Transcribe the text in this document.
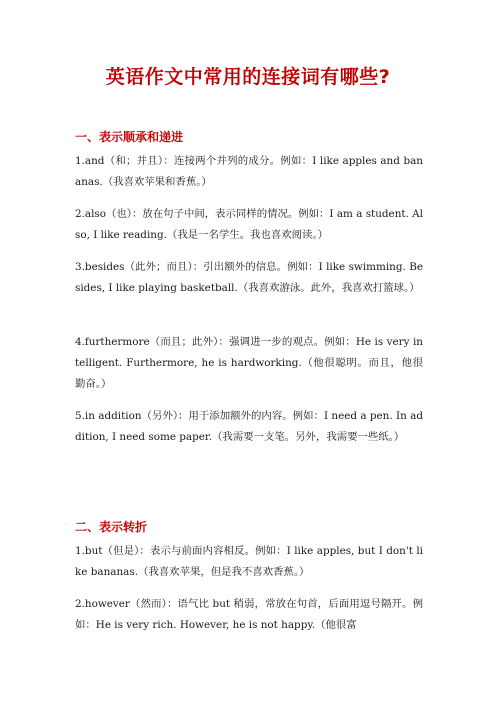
英语作文中常用的连接词有哪些?
一、表示顺承和递进
1.and（和；并且）：连接两个并列的成分。例如：I like apples and bananas.（我喜欢苹果和香蕉。）
2.also（也）：放在句子中间，表示同样的情况。例如：I am a student. Also, I like reading.（我是一名学生。我也喜欢阅读。）
3.besides（此外；而且）：引出额外的信息。例如：I like swimming. Besides, I like playing basketball.（我喜欢游泳。此外，我喜欢打篮球。）
4.furthermore（而且；此外）：强调进一步的观点。例如：He is very intelligent. Furthermore, he is hardworking.（他很聪明。而且，他很勤奋。）
5.in addition（另外）：用于添加额外的内容。例如：I need a pen. In addition, I need some paper.（我需要一支笔。另外，我需要一些纸。）
二、表示转折
1.but（但是）：表示与前面内容相反。例如：I like apples, but I don't like bananas.（我喜欢苹果，但是我不喜欢香蕉。）
2.however（然而）：语气比 but 稍弱，常放在句首，后面用逗号隔开。例如：He is very rich. However, he is not happy.（他很富
